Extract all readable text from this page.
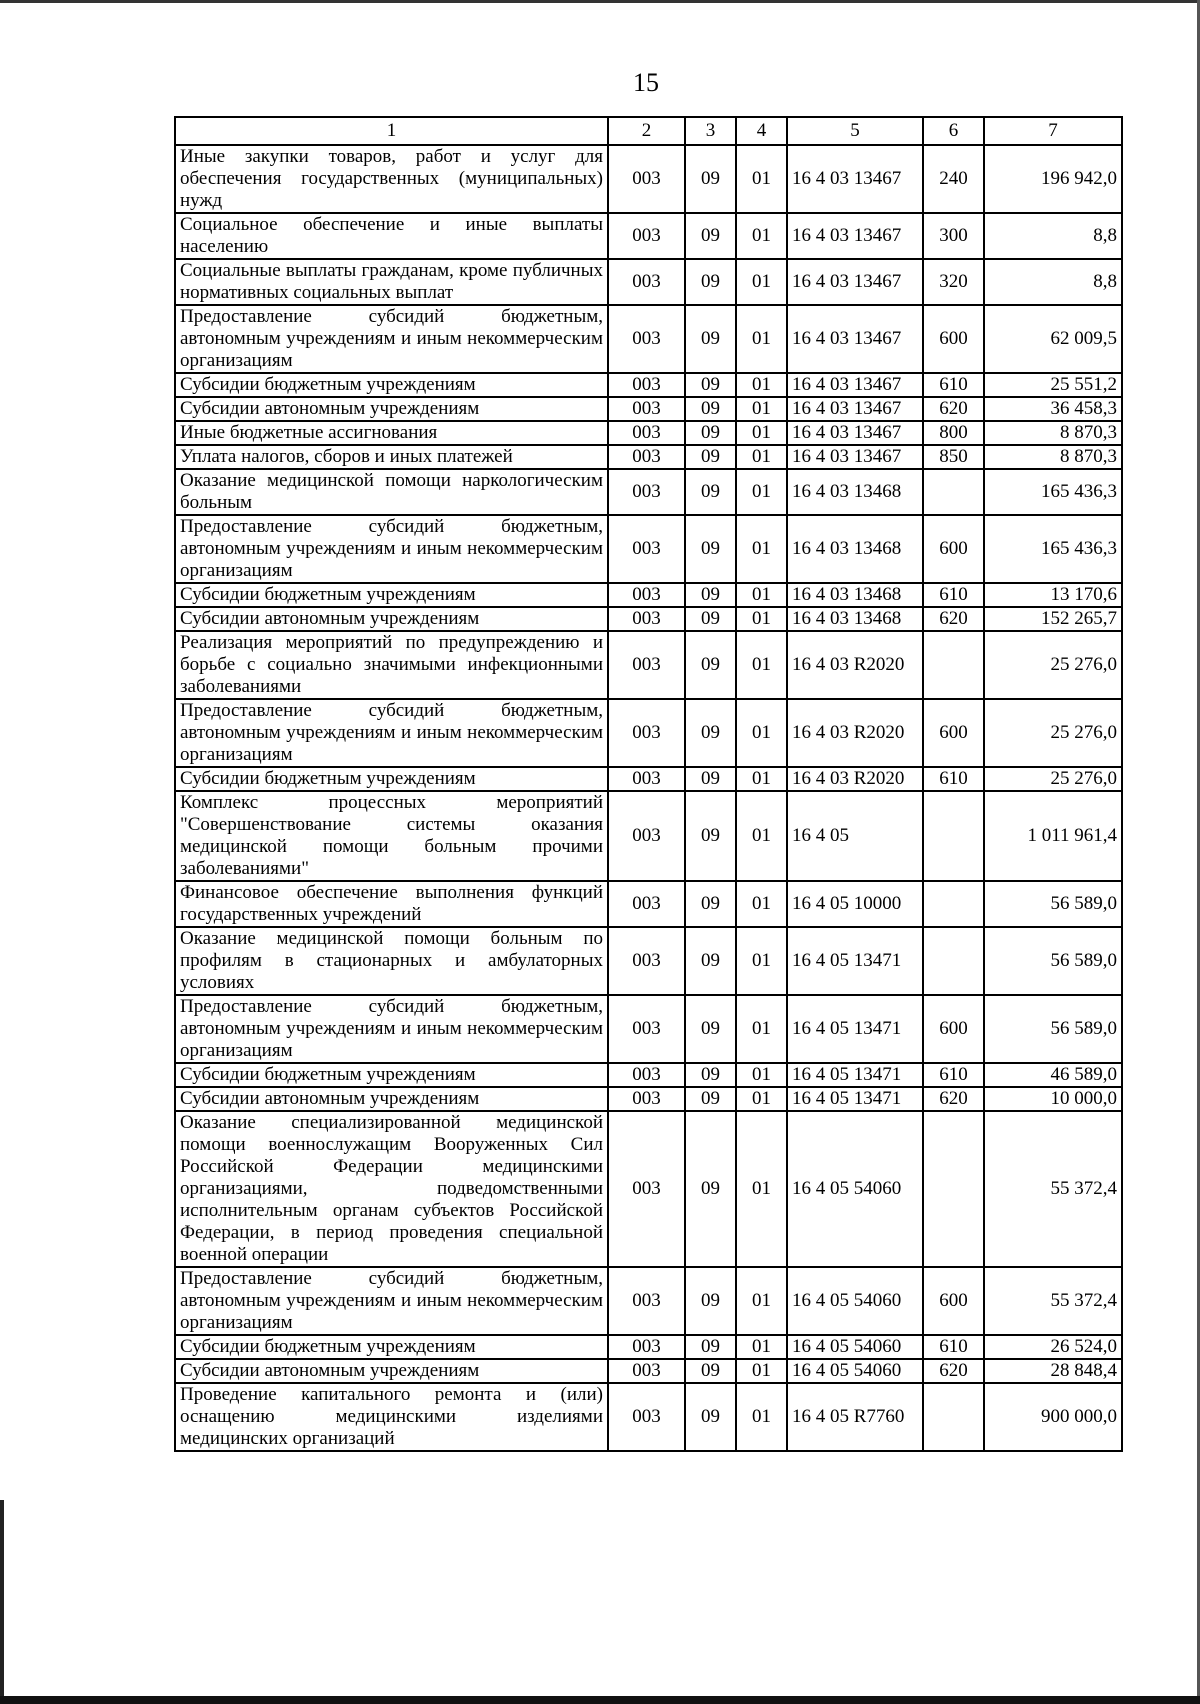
15
1	2	3	4	5	6	7
Иные закупки товаров, работ и услуг для обеспечения государственных (муниципальных) нужд	003	09	01	16 4 03 13467	240	196 942,0
Социальное обеспечение и иные выплаты населению	003	09	01	16 4 03 13467	300	8,8
Социальные выплаты гражданам, кроме публичных нормативных социальных выплат	003	09	01	16 4 03 13467	320	8,8
Предоставление субсидий бюджетным, автономным учреждениям и иным некоммерческим организациям	003	09	01	16 4 03 13467	600	62 009,5
Субсидии бюджетным учреждениям	003	09	01	16 4 03 13467	610	25 551,2
Субсидии автономным учреждениям	003	09	01	16 4 03 13467	620	36 458,3
Иные бюджетные ассигнования	003	09	01	16 4 03 13467	800	8 870,3
Уплата налогов, сборов и иных платежей	003	09	01	16 4 03 13467	850	8 870,3
Оказание медицинской помощи наркологическим больным	003	09	01	16 4 03 13468		165 436,3
Предоставление субсидий бюджетным, автономным учреждениям и иным некоммерческим организациям	003	09	01	16 4 03 13468	600	165 436,3
Субсидии бюджетным учреждениям	003	09	01	16 4 03 13468	610	13 170,6
Субсидии автономным учреждениям	003	09	01	16 4 03 13468	620	152 265,7
Реализация мероприятий по предупреждению и борьбе с социально значимыми инфекционными заболеваниями	003	09	01	16 4 03 R2020		25 276,0
Предоставление субсидий бюджетным, автономным учреждениям и иным некоммерческим организациям	003	09	01	16 4 03 R2020	600	25 276,0
Субсидии бюджетным учреждениям	003	09	01	16 4 03 R2020	610	25 276,0
Комплекс процессных мероприятий "Совершенствование системы оказания медицинской помощи больным прочими заболеваниями"	003	09	01	16 4 05		1 011 961,4
Финансовое обеспечение выполнения функций государственных учреждений	003	09	01	16 4 05 10000		56 589,0
Оказание медицинской помощи больным по профилям в стационарных и амбулаторных условиях	003	09	01	16 4 05 13471		56 589,0
Предоставление субсидий бюджетным, автономным учреждениям и иным некоммерческим организациям	003	09	01	16 4 05 13471	600	56 589,0
Субсидии бюджетным учреждениям	003	09	01	16 4 05 13471	610	46 589,0
Субсидии автономным учреждениям	003	09	01	16 4 05 13471	620	10 000,0
Оказание специализированной медицинской помощи военнослужащим Вооруженных Сил Российской Федерации медицинскими организациями, подведомственными исполнительным органам субъектов Российской Федерации, в период проведения специальной военной операции	003	09	01	16 4 05 54060		55 372,4
Предоставление субсидий бюджетным, автономным учреждениям и иным некоммерческим организациям	003	09	01	16 4 05 54060	600	55 372,4
Субсидии бюджетным учреждениям	003	09	01	16 4 05 54060	610	26 524,0
Субсидии автономным учреждениям	003	09	01	16 4 05 54060	620	28 848,4
Проведение капитального ремонта и (или) оснащению медицинскими изделиями медицинских организаций	003	09	01	16 4 05 R7760		900 000,0
